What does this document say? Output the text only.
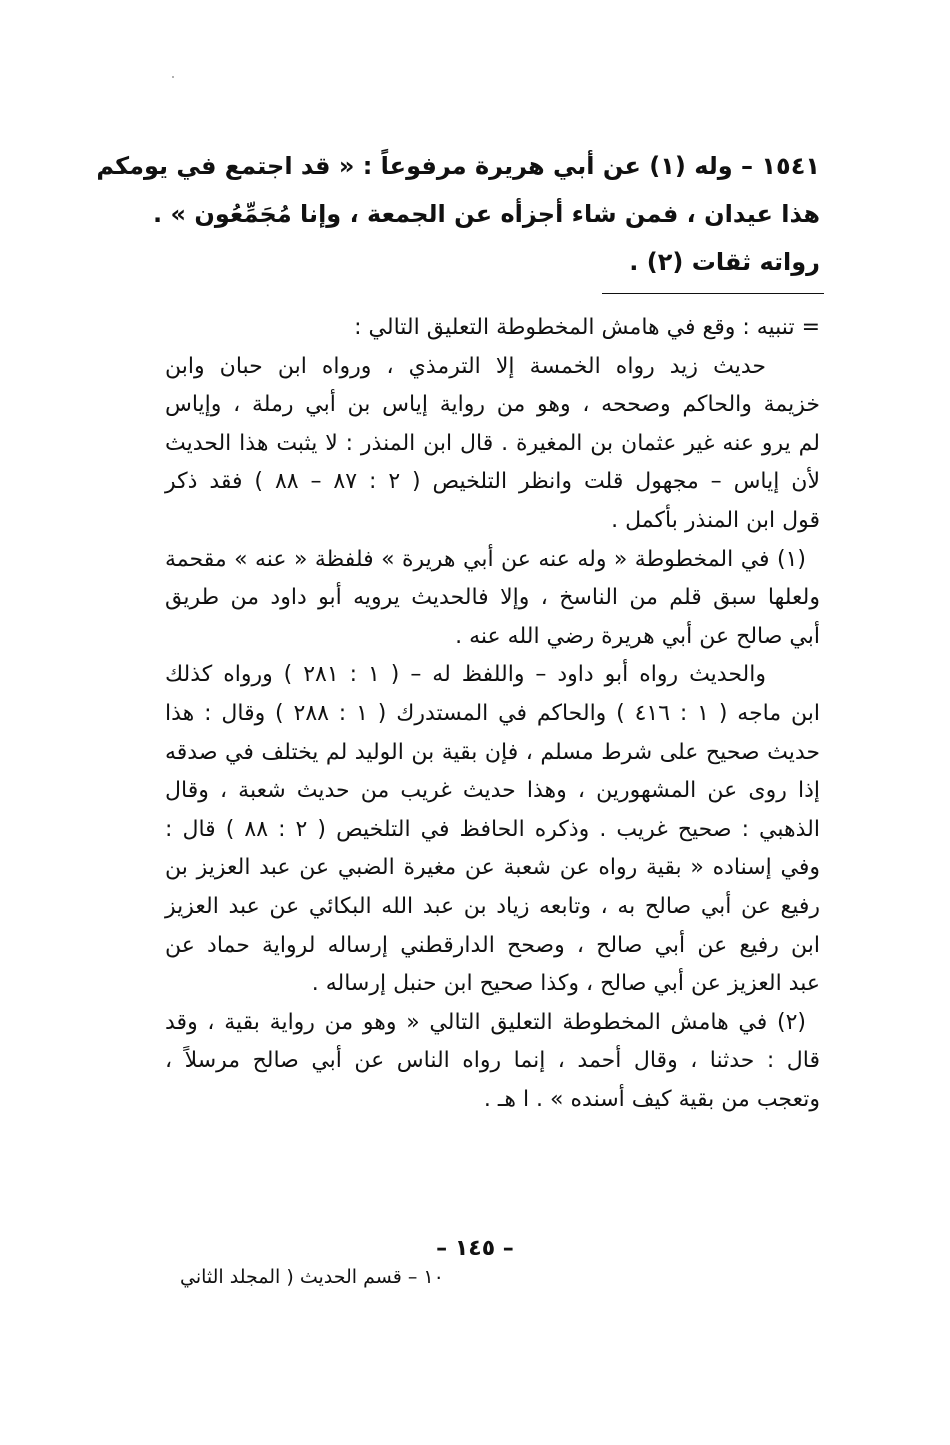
١٥٤١ – وله (١) عن أبي هريرة مرفوعاً : « قد اجتمع في يومكم
هذا عيدان ، فمن شاء أجزأه عن الجمعة ، وإنا مُجَمِّعُون » .
رواته ثقات (٢) .
= تنبيه : وقع في هامش المخطوطة التعليق التالي :
حديث زيد رواه الخمسة إلا الترمذي ، ورواه ابن حبان وابن
خزيمة والحاكم وصححه ، وهو من رواية إياس بن أبي رملة ، وإياس
لم يرو عنه غير عثمان بن المغيرة . قال ابن المنذر : لا يثبت هذا الحديث
لأن إياس – مجهول قلت وانظر التلخيص ( ٢ : ٨٧ – ٨٨ ) فقد ذكر
قول ابن المنذر بأكمل .
(١) في المخطوطة « وله عنه عن أبي هريرة » فلفظة « عنه » مقحمة
ولعلها سبق قلم من الناسخ ، وإلا فالحديث يرويه أبو داود من طريق
أبي صالح عن أبي هريرة رضي الله عنه .
والحديث رواه أبو داود – واللفظ له – ( ١ : ٢٨١ ) ورواه كذلك
ابن ماجه ( ١ : ٤١٦ ) والحاكم في المستدرك ( ١ : ٢٨٨ ) وقال : هذا
حديث صحيح على شرط مسلم ، فإن بقية بن الوليد لم يختلف في صدقه
إذا روى عن المشهورين ، وهذا حديث غريب من حديث شعبة ، وقال
الذهبي : صحيح غريب . وذكره الحافظ في التلخيص ( ٢ : ٨٨ ) قال :
وفي إسناده « بقية رواه عن شعبة عن مغيرة الضبي عن عبد العزيز بن
رفيع عن أبي صالح به ، وتابعه زياد بن عبد الله البكائي عن عبد العزيز
ابن رفيع عن أبي صالح ، وصحح الدارقطني إرساله لرواية حماد عن
عبد العزيز عن أبي صالح ، وكذا صحيح ابن حنبل إرساله .
(٢) في هامش المخطوطة التعليق التالي « وهو من رواية بقية ، وقد
قال : حدثنا ، وقال أحمد ، إنما رواه الناس عن أبي صالح مرسلاً ،
وتعجب من بقية كيف أسنده » . ا هـ .
– ١٤٥ –
١٠ – قسم الحديث ( المجلد الثاني
